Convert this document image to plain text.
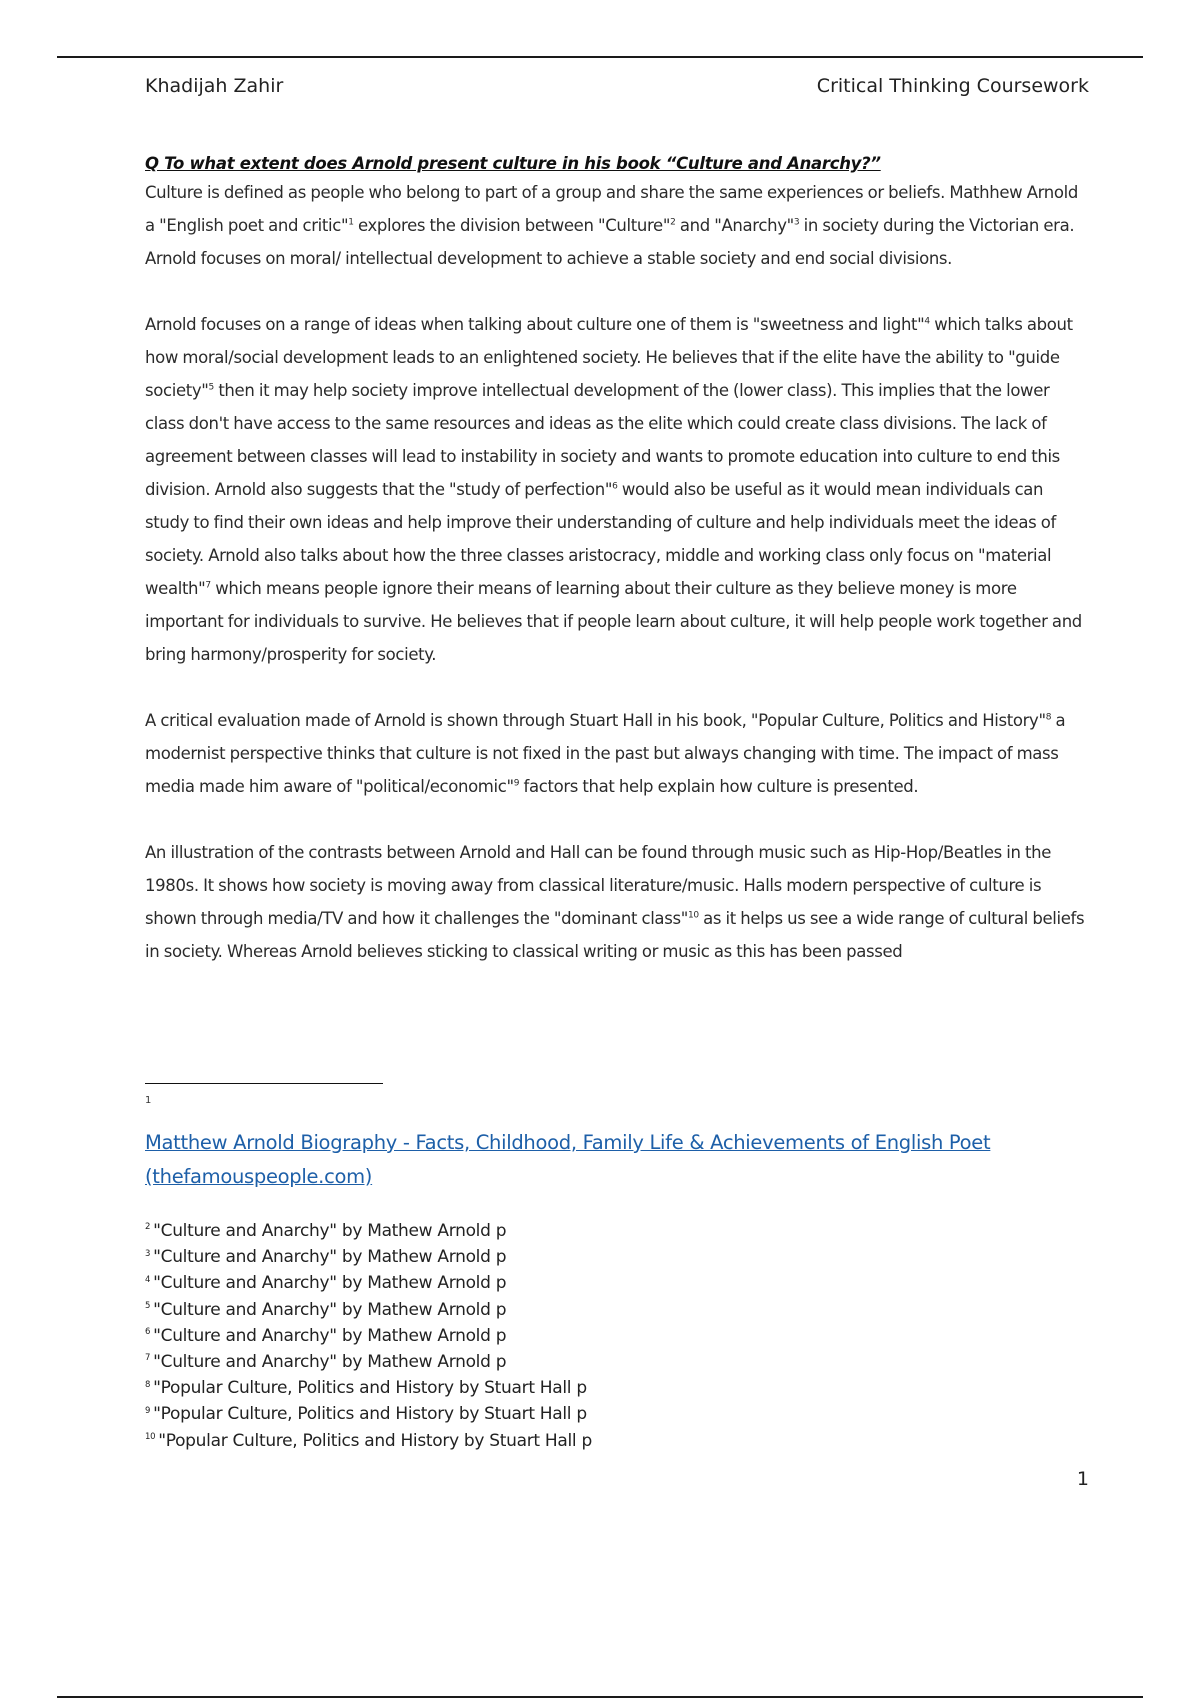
Khadijah Zahir	Critical Thinking Coursework

Q To what extent does Arnold present culture in his book “Culture and Anarchy?”

Culture is defined as people who belong to part of a group and share the same experiences or beliefs. Mathhew Arnold a "English poet and critic"$^1$ explores the division between "Culture"$^2$ and "Anarchy"$^3$ in society during the Victorian era. Arnold focuses on moral/ intellectual development to achieve a stable society and end social divisions.

Arnold focuses on a range of ideas when talking about culture one of them is "sweetness and light"$^4$ which talks about how moral/social development leads to an enlightened society. He believes that if the elite have the ability to "guide society"$^5$ then it may help society improve intellectual development of the (lower class). This implies that the lower class don't have access to the same resources and ideas as the elite which could create class divisions. The lack of agreement between classes will lead to instability in society and wants to promote education into culture to end this division. Arnold also suggests that the "study of perfection"$^6$ would also be useful as it would mean individuals can study to find their own ideas and help improve their understanding of culture and help individuals meet the ideas of society. Arnold also talks about how the three classes aristocracy, middle and working class only focus on "material wealth"$^7$ which means people ignore their means of learning about their culture as they believe money is more important for individuals to survive. He believes that if people learn about culture, it will help people work together and bring harmony/prosperity for society.

A critical evaluation made of Arnold is shown through Stuart Hall in his book, "Popular Culture, Politics and History"$^8$ a modernist perspective thinks that culture is not fixed in the past but always changing with time. The impact of mass media made him aware of "political/economic"$^9$ factors that help explain how culture is presented.

An illustration of the contrasts between Arnold and Hall can be found through music such as Hip-Hop/Beatles in the 1980s. It shows how society is moving away from classical literature/music. Halls modern perspective of culture is shown through media/TV and how it challenges the "dominant class"$^{10}$ as it helps us see a wide range of cultural beliefs in society. Whereas Arnold believes sticking to classical writing or music as this has been passed

1
Matthew Arnold Biography - Facts, Childhood, Family Life & Achievements of English Poet (thefamouspeople.com)
$^2$ "Culture and Anarchy" by Mathew Arnold p
$^3$ "Culture and Anarchy" by Mathew Arnold p
$^4$ "Culture and Anarchy" by Mathew Arnold p
$^5$ "Culture and Anarchy" by Mathew Arnold p
$^6$ "Culture and Anarchy" by Mathew Arnold p
$^7$ "Culture and Anarchy" by Mathew Arnold p
$^8$ "Popular Culture, Politics and History by Stuart Hall p
$^9$ "Popular Culture, Politics and History by Stuart Hall p
$^{10}$ "Popular Culture, Politics and History by Stuart Hall p
1
